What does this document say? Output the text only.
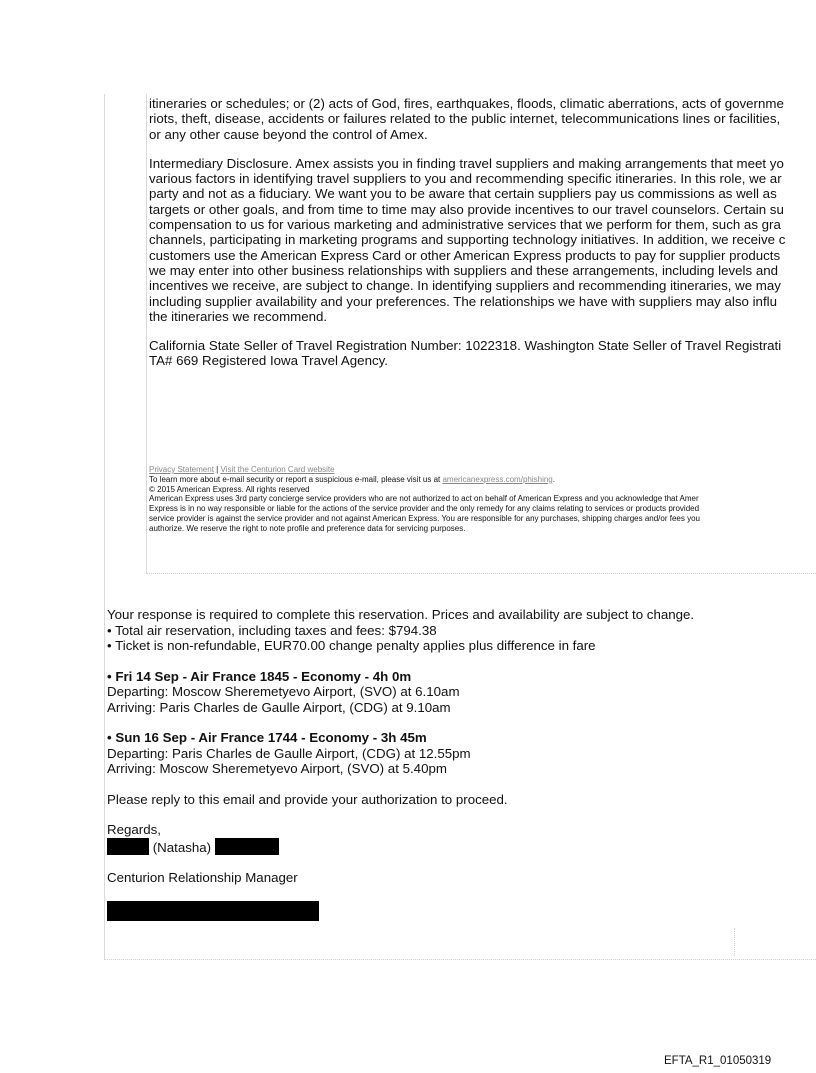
itineraries or schedules; or (2) acts of God, fires, earthquakes, floods, climatic aberrations, acts of governme
riots, theft, disease, accidents or failures related to the public internet, telecommunications lines or facilities,
or any other cause beyond the control of Amex.

Intermediary Disclosure. Amex assists you in finding travel suppliers and making arrangements that meet yo
various factors in identifying travel suppliers to you and recommending specific itineraries. In this role, we ar
party and not as a fiduciary. We want you to be aware that certain suppliers pay us commissions as well as
targets or other goals, and from time to time may also provide incentives to our travel counselors. Certain su
compensation to us for various marketing and administrative services that we perform for them, such as gra
channels, participating in marketing programs and supporting technology initiatives. In addition, we receive c
customers use the American Express Card or other American Express products to pay for supplier products
we may enter into other business relationships with suppliers and these arrangements, including levels and
incentives we receive, are subject to change. In identifying suppliers and recommending itineraries, we may
including supplier availability and your preferences. The relationships we have with suppliers may also influ
the itineraries we recommend.

California State Seller of Travel Registration Number: 1022318. Washington State Seller of Travel Registrati
TA# 669 Registered Iowa Travel Agency.

Privacy Statement | Visit the Centurion Card website
To learn more about e-mail security or report a suspicious e-mail, please visit us at americanexpress.com/phishing.
© 2015 American Express. All rights reserved
American Express uses 3rd party concierge service providers who are not authorized to act on behalf of American Express and you acknowledge that Amer
Express is in no way responsible or liable for the actions of the service provider and the only remedy for any claims relating to services or products provided
service provider is against the service provider and not against American Express. You are responsible for any purchases, shipping charges and/or fees you
authorize. We reserve the right to note profile and preference data for servicing purposes.

Your response is required to complete this reservation. Prices and availability are subject to change.
• Total air reservation, including taxes and fees: $794.38
• Ticket is non-refundable, EUR70.00 change penalty applies plus difference in fare

• Fri 14 Sep - Air France 1845 - Economy - 4h 0m
Departing: Moscow Sheremetyevo Airport, (SVO) at 6.10am
Arriving: Paris Charles de Gaulle Airport, (CDG) at 9.10am

• Sun 16 Sep - Air France 1744 - Economy - 3h 45m
Departing: Paris Charles de Gaulle Airport, (CDG) at 12.55pm
Arriving: Moscow Sheremetyevo Airport, (SVO) at 5.40pm

Please reply to this email and provide your authorization to proceed.

Regards,
(Natasha)

Centurion Relationship Manager

EFTA_R1_01050319
